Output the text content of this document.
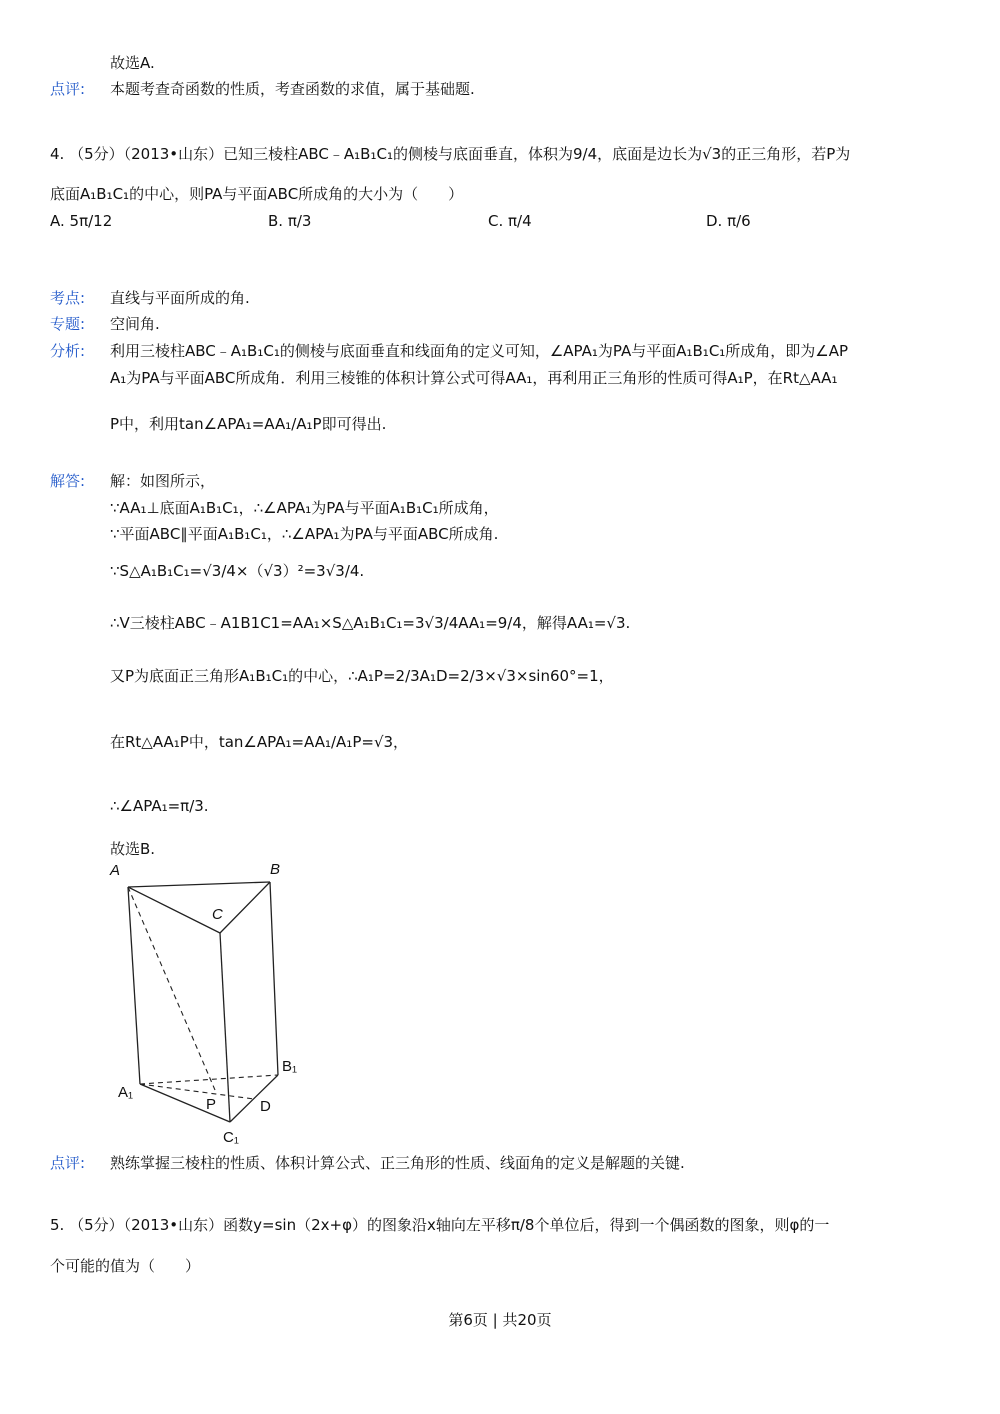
故选A.
点评: 本题考查奇函数的性质，考查函数的求值，属于基础题.
4. （5分）（2013•山东）已知三棱柱ABC﹣A₁B₁C₁的侧棱与底面垂直，体积为9/4，底面是边长为√3的正三角形，若P为
底面A₁B₁C₁的中心，则PA与平面ABC所成角的大小为（　　）
A. 5π/12	B. π/3	C. π/4	D. π/6
考点: 直线与平面所成的角.
专题: 空间角.
分析: 利用三棱柱ABC﹣A₁B₁C₁的侧棱与底面垂直和线面角的定义可知，∠APA₁为PA与平面A₁B₁C₁所成角，即为∠AP
A₁为PA与平面ABC所成角．利用三棱锥的体积计算公式可得AA₁，再利用正三角形的性质可得A₁P，在Rt△AA₁
P中，利用tan∠APA₁=AA₁/A₁P即可得出.
解答: 解：如图所示，
∵AA₁⊥底面A₁B₁C₁，∴∠APA₁为PA与平面A₁B₁C₁所成角，
∵平面ABC∥平面A₁B₁C₁，∴∠APA₁为PA与平面ABC所成角.
∵S△A₁B₁C₁=√3/4×（√3）²=3√3/4.
∴V三棱柱ABC﹣A1B1C1=AA₁×S△A₁B₁C₁=3√3/4AA₁=9/4，解得AA₁=√3.
又P为底面正三角形A₁B₁C₁的中心，∴A₁P=2/3A₁D=2/3×√3×sin60°=1，
在Rt△AA₁P中，tan∠APA₁=AA₁/A₁P=√3，
∴∠APA₁=π/3.
故选B.
A	B
C
B₁
A₁
P	D
C₁
点评: 熟练掌握三棱柱的性质、体积计算公式、正三角形的性质、线面角的定义是解题的关键.
5. （5分）（2013•山东）函数y=sin（2x+φ）的图象沿x轴向左平移π/8个单位后，得到一个偶函数的图象，则φ的一
个可能的值为（　　）
第6页 | 共20页
